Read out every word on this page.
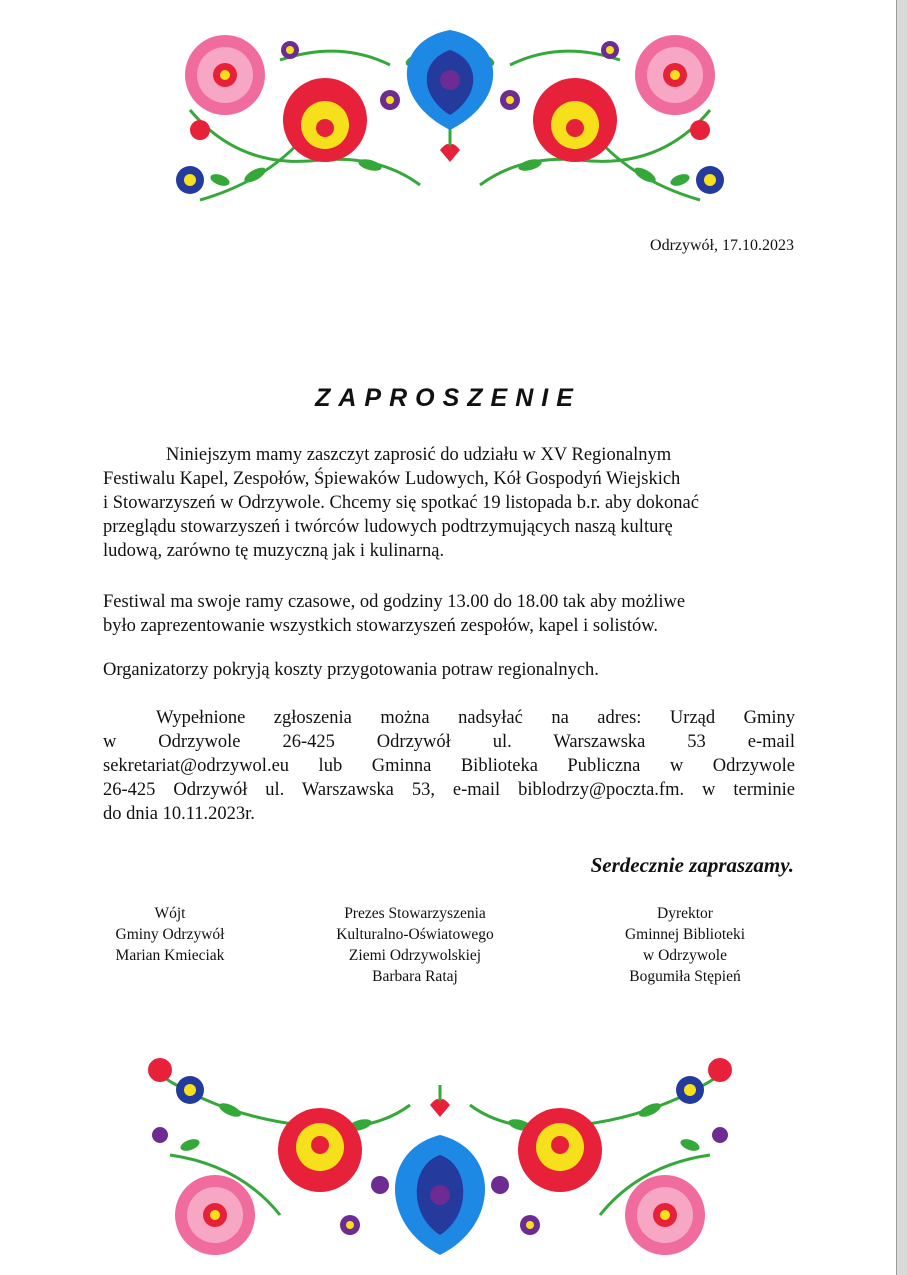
Odrzywół, 17.10.2023
ZAPROSZENIE
Niniejszym mamy zaszczyt zaprosić do udziału w XV Regionalnym
Festiwalu Kapel, Zespołów, Śpiewaków Ludowych, Kół Gospodyń Wiejskich
i Stowarzyszeń w Odrzywole. Chcemy się spotkać 19 listopada b.r. aby dokonać
przeglądu stowarzyszeń i twórców ludowych podtrzymujących naszą kulturę
ludową, zarówno tę muzyczną jak i kulinarną.
Festiwal ma swoje ramy czasowe, od godziny 13.00 do 18.00 tak aby możliwe
było zaprezentowanie wszystkich stowarzyszeń zespołów, kapel i solistów.
Organizatorzy pokryją koszty przygotowania potraw regionalnych.
Wypełnione zgłoszenia można nadsyłać na adres: Urząd Gminy
w Odrzywole 26-425 Odrzywół ul. Warszawska 53 e-mail
sekretariat@odrzywol.eu lub Gminna Biblioteka Publiczna w Odrzywole
26-425 Odrzywół ul. Warszawska 53, e-mail biblodrzy@poczta.fm. w terminie
do dnia 10.11.2023r.
Serdecznie zapraszamy.
Wójt
Gminy Odrzywół
Marian Kmieciak
Prezes Stowarzyszenia
Kulturalno-Oświatowego
Ziemi Odrzywolskiej
Barbara Rataj
Dyrektor
Gminnej Biblioteki
w Odrzywole
Bogumiła Stępień
